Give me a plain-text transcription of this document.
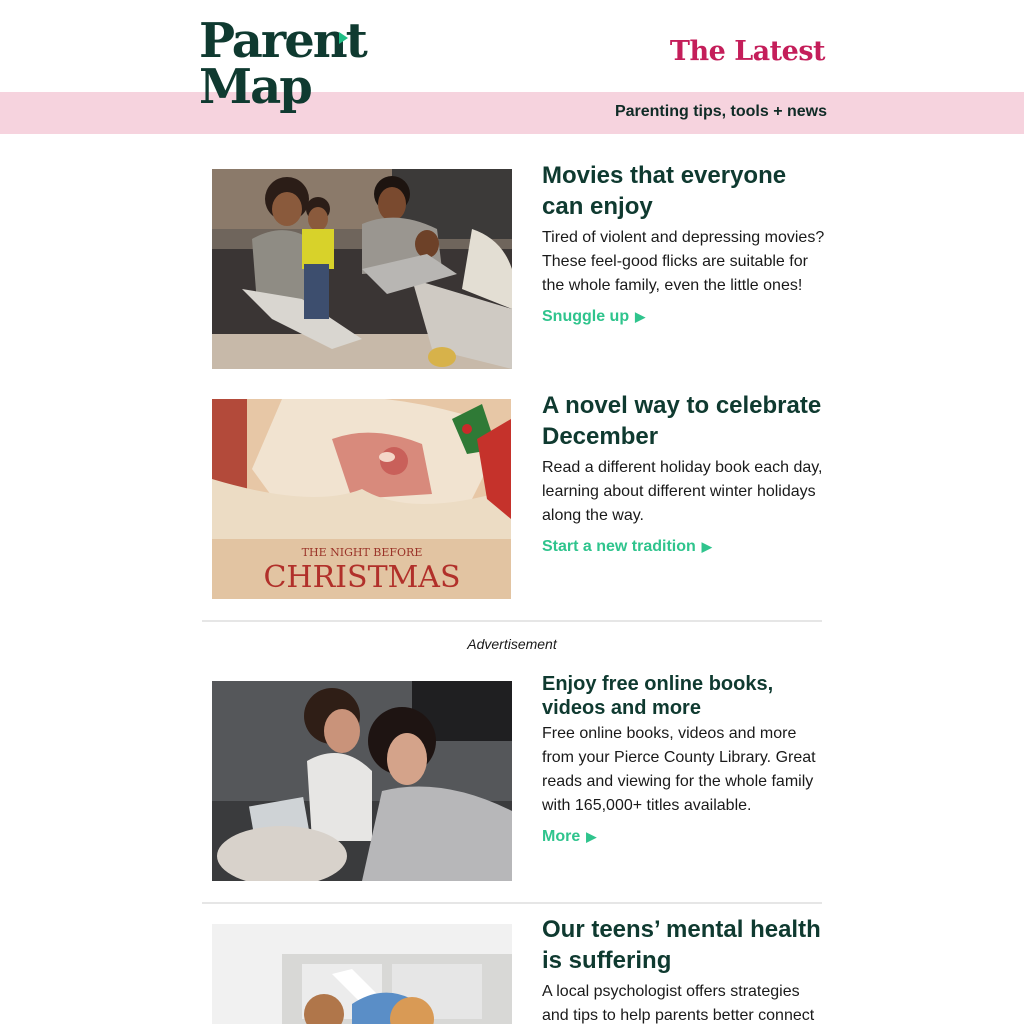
Parent
Map
The Latest
Parenting tips, tools + news
Movies that everyone can enjoy

Tired of violent and depressing movies? These feel-good flicks are suitable for the whole family, even the little ones!

Snuggle up ▶
THE NIGHT BEFORE
CHRISTMAS
A novel way to celebrate December

Read a different holiday book each day, learning about different winter holidays along the way.

Start a new tradition ▶
Advertisement
Enjoy free online books, videos and more

Free online books, videos and more from your Pierce County Library. Great reads and viewing for the whole family with 165,000+ titles available.

More ▶
Our teens’ mental health is suffering

A local psychologist offers strategies and tips to help parents better connect
